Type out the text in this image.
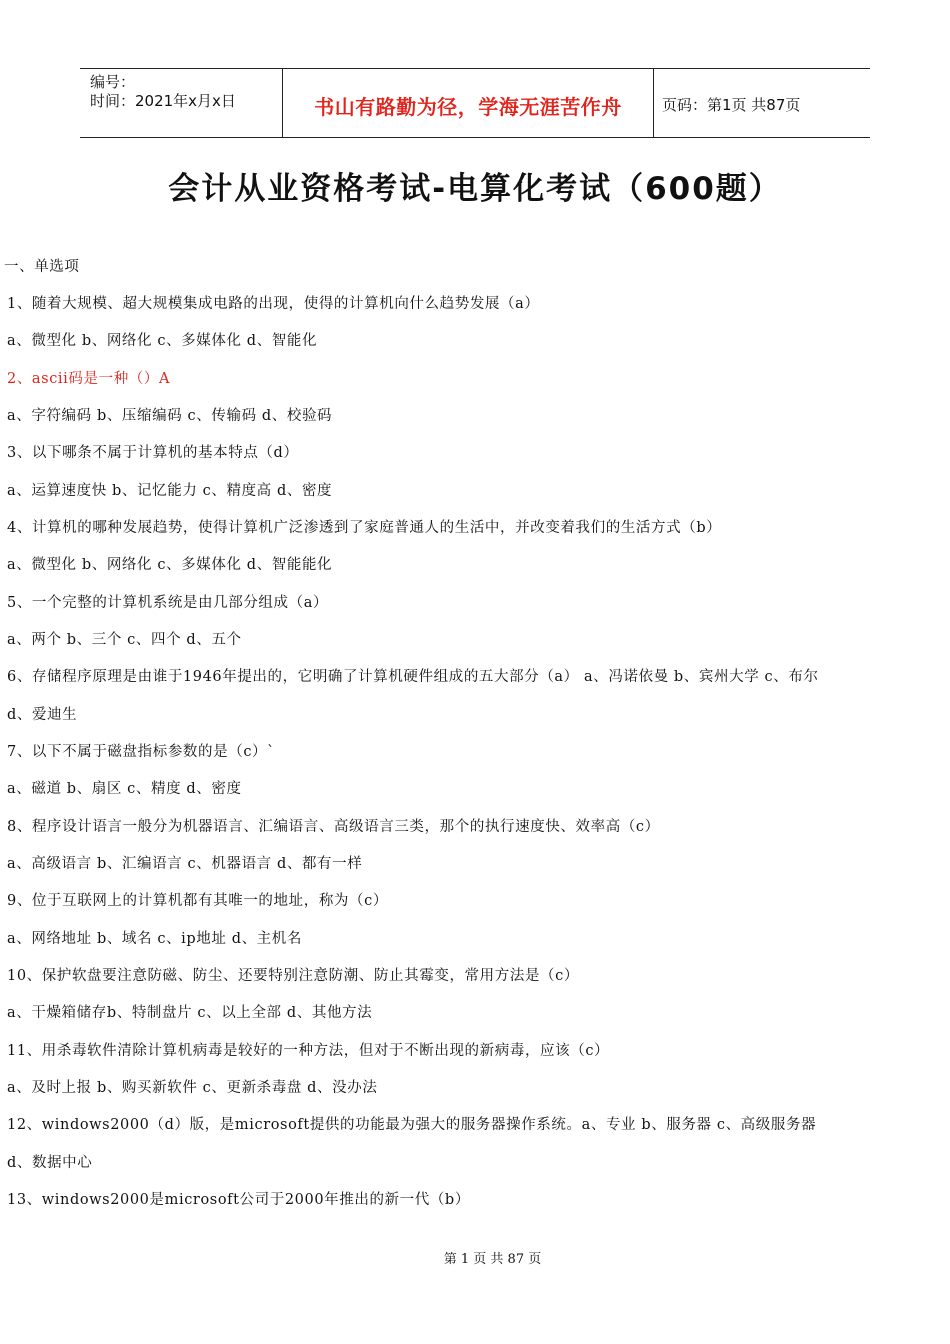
编号：
时间：2021年x月x日	书山有路勤为径，学海无涯苦作舟	页码：第1页 共87页
会计从业资格考试-电算化考试（600题）
一、单选项
1、随着大规模、超大规模集成电路的出现，使得的计算机向什么趋势发展（a）
a、微型化 b、网络化 c、多媒体化 d、智能化
2、ascii码是一种（）A
a、字符编码 b、压缩编码 c、传输码 d、校验码
3、以下哪条不属于计算机的基本特点（d）
a、运算速度快 b、记忆能力 c、精度高 d、密度
4、计算机的哪种发展趋势，使得计算机广泛渗透到了家庭普通人的生活中，并改变着我们的生活方式（b）
a、微型化 b、网络化 c、多媒体化 d、智能能化
5、一个完整的计算机系统是由几部分组成（a）
a、两个 b、三个 c、四个 d、五个
6、存储程序原理是由谁于1946年提出的，它明确了计算机硬件组成的五大部分（a） a、冯诺依曼 b、宾州大学 c、布尔
d、爱迪生
7、以下不属于磁盘指标参数的是（c）`
a、磁道 b、扇区 c、精度 d、密度
8、程序设计语言一般分为机器语言、汇编语言、高级语言三类，那个的执行速度快、效率高（c）
a、高级语言 b、汇编语言 c、机器语言 d、都有一样
9、位于互联网上的计算机都有其唯一的地址，称为（c）
a、网络地址 b、域名 c、ip地址 d、主机名
10、保护软盘要注意防磁、防尘、还要特别注意防潮、防止其霉变，常用方法是（c）
a、干燥箱储存b、特制盘片 c、以上全部 d、其他方法
11、用杀毒软件清除计算机病毒是较好的一种方法，但对于不断出现的新病毒，应该（c）
a、及时上报 b、购买新软件 c、更新杀毒盘 d、没办法
12、windows2000（d）版，是microsoft提供的功能最为强大的服务器操作系统。a、专业 b、服务器 c、高级服务器
d、数据中心
13、windows2000是microsoft公司于2000年推出的新一代（b）
第 1 页 共 87 页
